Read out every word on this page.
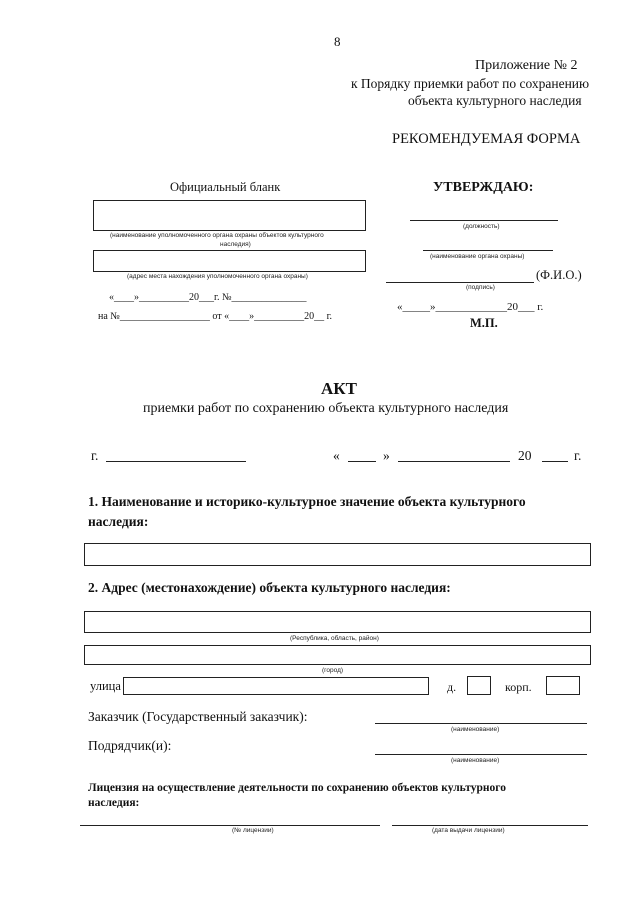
8
Приложение № 2
к Порядку приемки работ по сохранению
объекта культурного наследия
РЕКОМЕНДУЕМАЯ ФОРМА
Официальный бланк
(наименование уполномоченного органа охраны объектов культурного
наследия)
(адрес места нахождения уполномоченного органа охраны)
«____»__________20___г. №_______________
на №__________________ от «____»__________20__ г.
УТВЕРЖДАЮ:
(должность)
(наименование органа охраны)
(Ф.И.О.)
(подпись)
«_____»_____________20___ г.
М.П.
АКТ
приемки работ по сохранению объекта культурного наследия
г.	«	»	20	г.
1. Наименование и историко-культурное значение объекта культурного
наследия:
2. Адрес (местонахождение) объекта культурного наследия:
(Республика, область, район)
(город)
улица	д.	корп.
Заказчик (Государственный заказчик):
(наименование)
Подрядчик(и):
(наименование)
Лицензия на осуществление деятельности по сохранению объектов культурного
наследия:
(№ лицензии)	(дата выдачи лицензии)
